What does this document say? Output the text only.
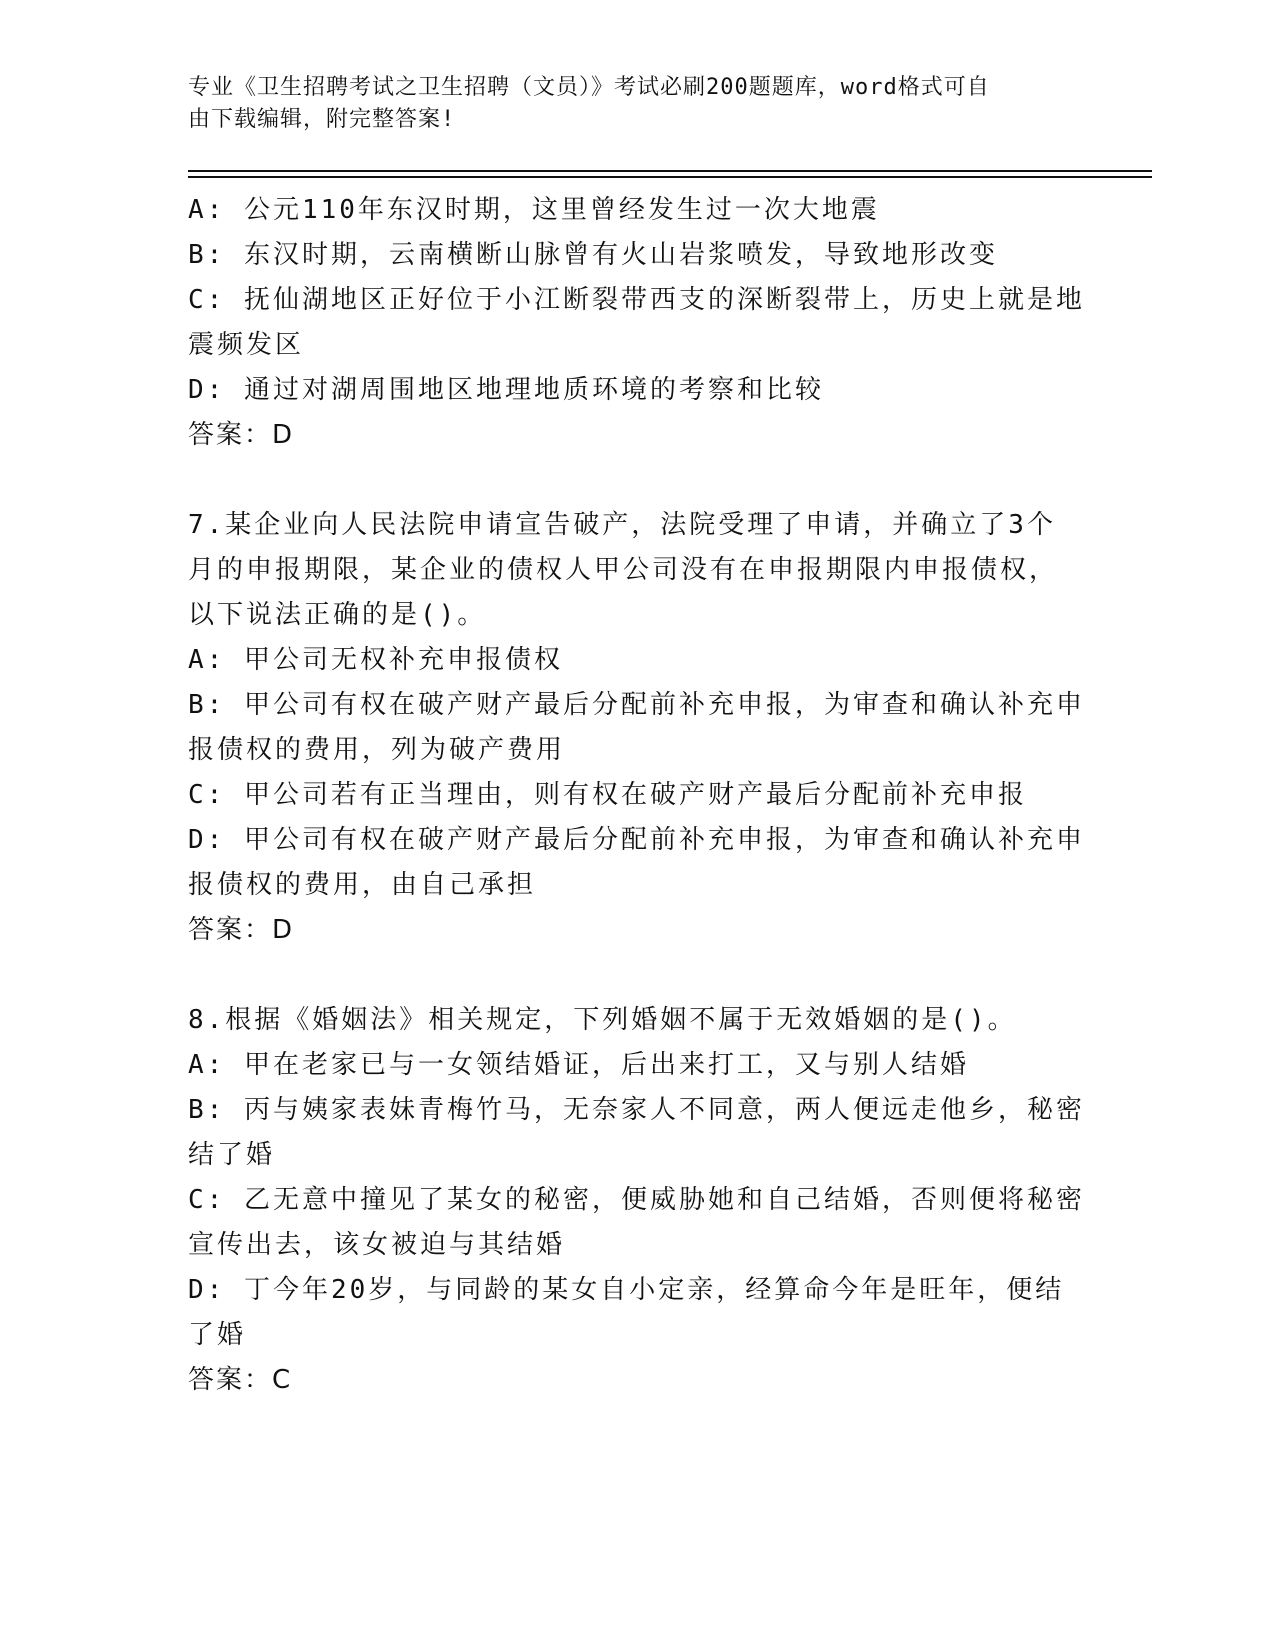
专业《卫生招聘考试之卫生招聘（文员）》考试必刷200题题库，word格式可自
由下载编辑，附完整答案!
A: 公元110年东汉时期，这里曾经发生过一次大地震
B: 东汉时期，云南横断山脉曾有火山岩浆喷发，导致地形改变
C: 抚仙湖地区正好位于小江断裂带西支的深断裂带上，历史上就是地
震频发区
D: 通过对湖周围地区地理地质环境的考察和比较
答案：D
7.某企业向人民法院申请宣告破产，法院受理了申请，并确立了3个
月的申报期限，某企业的债权人甲公司没有在申报期限内申报债权，
以下说法正确的是()。
A: 甲公司无权补充申报债权
B: 甲公司有权在破产财产最后分配前补充申报，为审查和确认补充申
报债权的费用，列为破产费用
C: 甲公司若有正当理由，则有权在破产财产最后分配前补充申报
D: 甲公司有权在破产财产最后分配前补充申报，为审查和确认补充申
报债权的费用，由自己承担
答案：D
8.根据《婚姻法》相关规定，下列婚姻不属于无效婚姻的是()。
A: 甲在老家已与一女领结婚证，后出来打工，又与别人结婚
B: 丙与姨家表妹青梅竹马，无奈家人不同意，两人便远走他乡，秘密
结了婚
C: 乙无意中撞见了某女的秘密，便威胁她和自己结婚，否则便将秘密
宣传出去，该女被迫与其结婚
D: 丁今年20岁，与同龄的某女自小定亲，经算命今年是旺年，便结
了婚
答案：C
